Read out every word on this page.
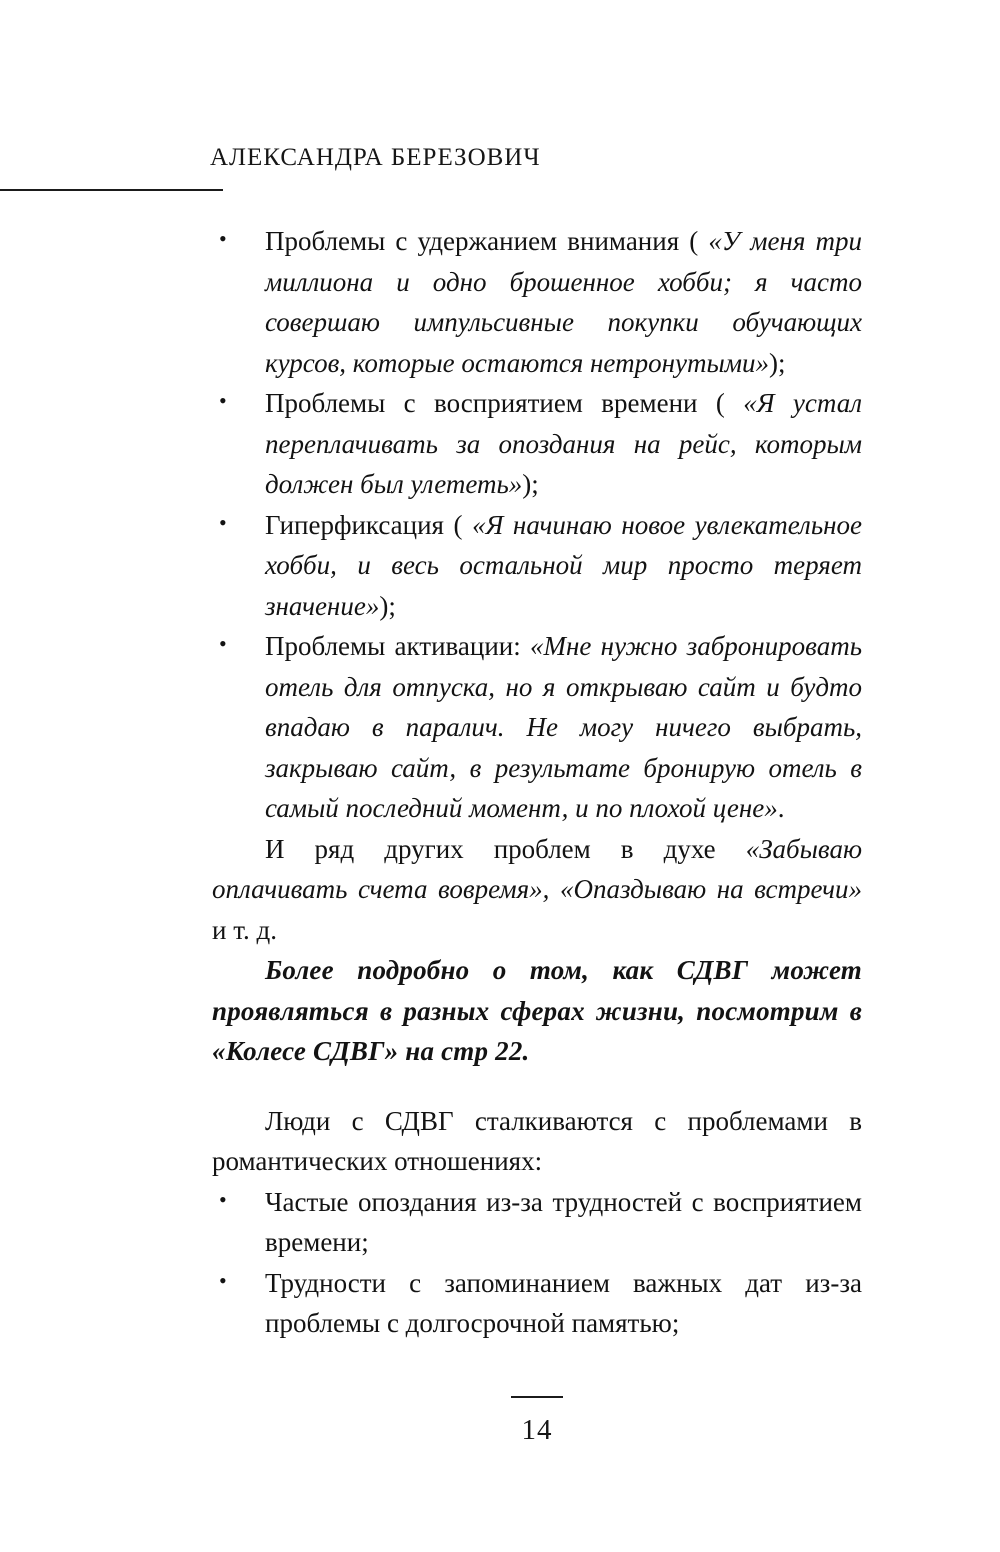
АЛЕКСАНДРА БЕРЕЗОВИЧ
• Проблемы с удержанием внимания ( «У меня три миллиона и одно брошенное хобби; я часто совершаю импульсивные покупки обучающих курсов, которые остаются нетронутыми»);
• Проблемы с восприятием времени ( «Я устал переплачивать за опоздания на рейс, которым должен был улететь»);
• Гиперфиксация ( «Я начинаю новое увлекательное хобби, и весь остальной мир просто теряет значение»);
• Проблемы активации: «Мне нужно забронировать отель для отпуска, но я открываю сайт и будто впадаю в паралич. Не могу ничего выбрать, закрываю сайт, в результате бронирую отель в самый последний момент, и по плохой цене».

И ряд других проблем в духе «Забываю оплачивать счета вовремя», «Опаздываю на встречи» и т. д.

Более подробно о том, как СДВГ может проявляться в разных сферах жизни, посмотрим в «Колесе СДВГ» на стр 22.

Люди с СДВГ сталкиваются с проблемами в романтических отношениях:

• Частые опоздания из-за трудностей с восприятием времени;
• Трудности с запоминанием важных дат из-за проблемы с долгосрочной памятью;
14
